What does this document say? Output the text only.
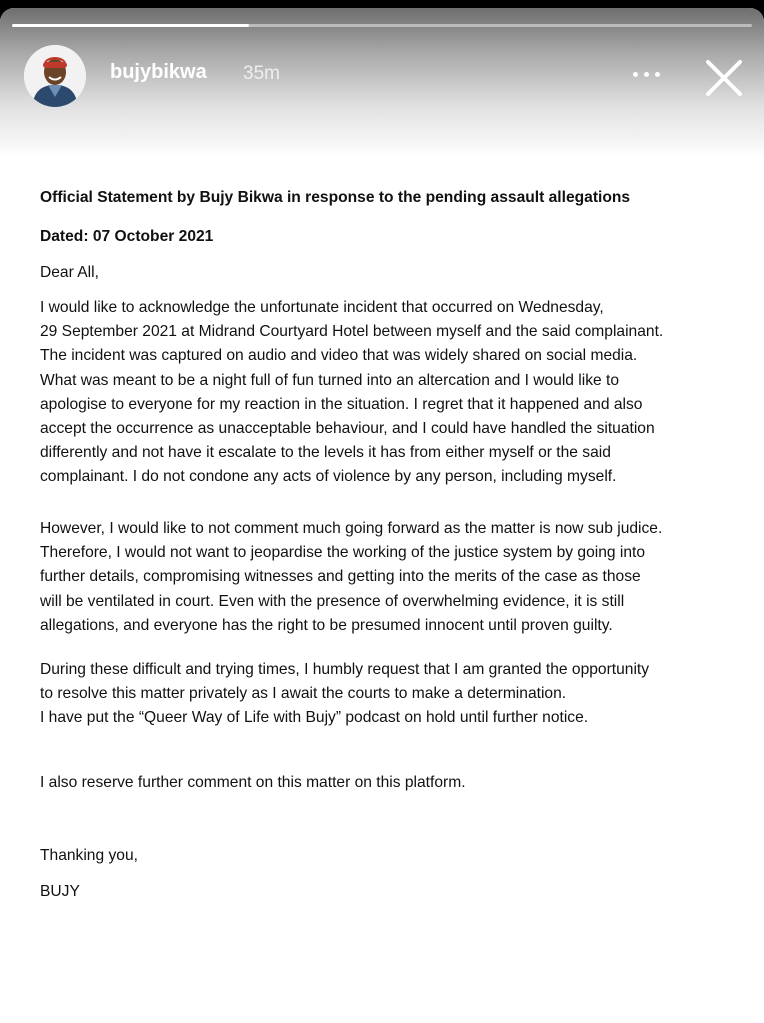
bujybikwa 35m

Official Statement by Bujy Bikwa in response to the pending assault allegations

Dated: 07 October 2021

Dear All,

I would like to acknowledge the unfortunate incident that occurred on Wednesday,

29 September 2021 at Midrand Courtyard Hotel between myself and the said complainant.

The incident was captured on audio and video that was widely shared on social media.

What was meant to be a night full of fun turned into an altercation and I would like to

apologise to everyone for my reaction in the situation. I regret that it happened and also

accept the occurrence as unacceptable behaviour, and I could have handled the situation

differently and not have it escalate to the levels it has from either myself or the said

complainant. I do not condone any acts of violence by any person, including myself.

However, I would like to not comment much going forward as the matter is now sub judice.

Therefore, I would not want to jeopardise the working of the justice system by going into

further details, compromising witnesses and getting into the merits of the case as those

will be ventilated in court. Even with the presence of overwhelming evidence, it is still

allegations, and everyone has the right to be presumed innocent until proven guilty.

During these difficult and trying times, I humbly request that I am granted the opportunity

to resolve this matter privately as I await the courts to make a determination.

I have put the “Queer Way of Life with Bujy” podcast on hold until further notice.

I also reserve further comment on this matter on this platform.

Thanking you,

BUJY
